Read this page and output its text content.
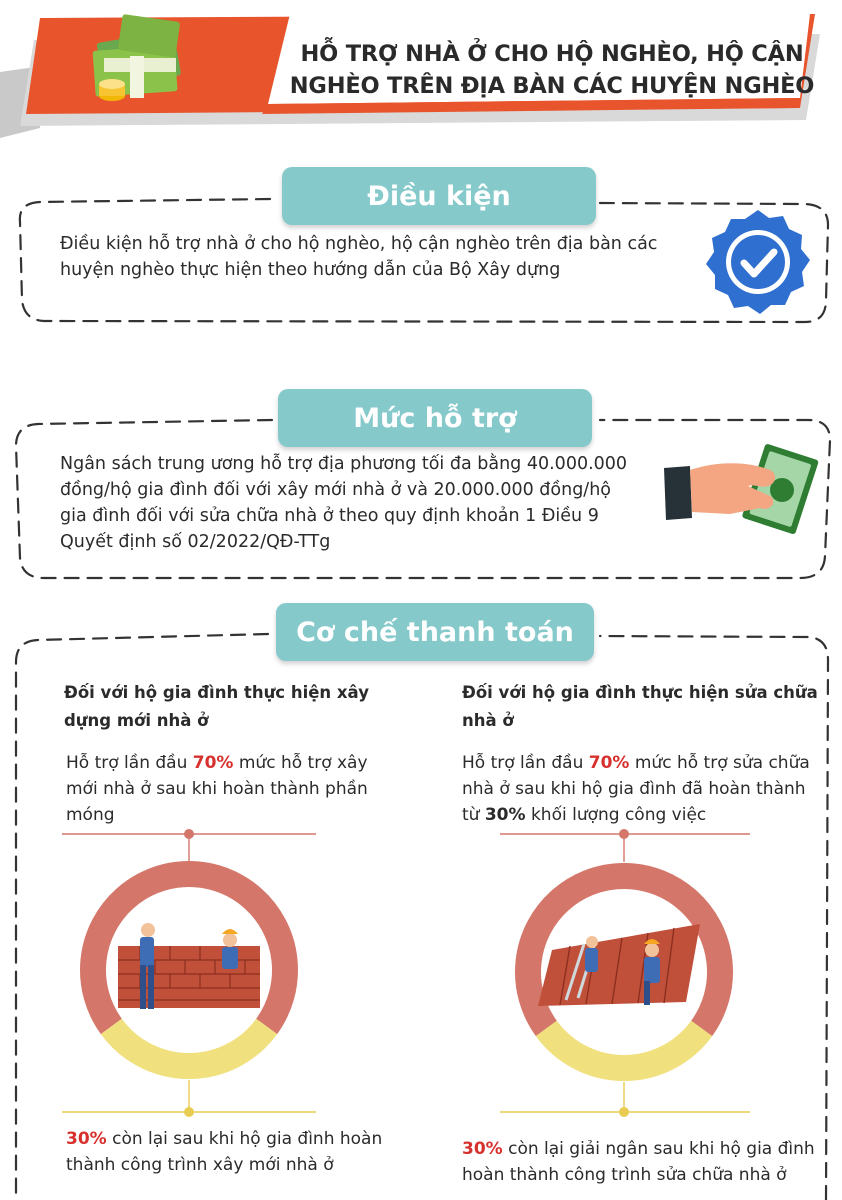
HỖ TRỢ NHÀ Ở CHO HỘ NGHÈO, HỘ CẬN
NGHÈO TRÊN ĐỊA BÀN CÁC HUYỆN NGHÈO
Điều kiện
Điều kiện hỗ trợ nhà ở cho hộ nghèo, hộ cận nghèo trên địa bàn các huyện nghèo thực hiện theo hướng dẫn của Bộ Xây dựng
Mức hỗ trợ
Ngân sách trung ương hỗ trợ địa phương tối đa bằng 40.000.000 đồng/hộ gia đình đối với xây mới nhà ở và 20.000.000 đồng/hộ gia đình đối với sửa chữa nhà ở theo quy định khoản 1 Điều 9 Quyết định số 02/2022/QĐ-TTg
Cơ chế thanh toán
Đối với hộ gia đình thực hiện xây dựng mới nhà ở
Hỗ trợ lần đầu 70% mức hỗ trợ xây mới nhà ở sau khi hoàn thành phần móng
Đối với hộ gia đình thực hiện sửa chữa nhà ở
Hỗ trợ lần đầu 70% mức hỗ trợ sửa chữa nhà ở sau khi hộ gia đình đã hoàn thành từ 30% khối lượng công việc
30% còn lại sau khi hộ gia đình hoàn thành công trình xây mới nhà ở
30% còn lại giải ngân sau khi hộ gia đình hoàn thành công trình sửa chữa nhà ở
